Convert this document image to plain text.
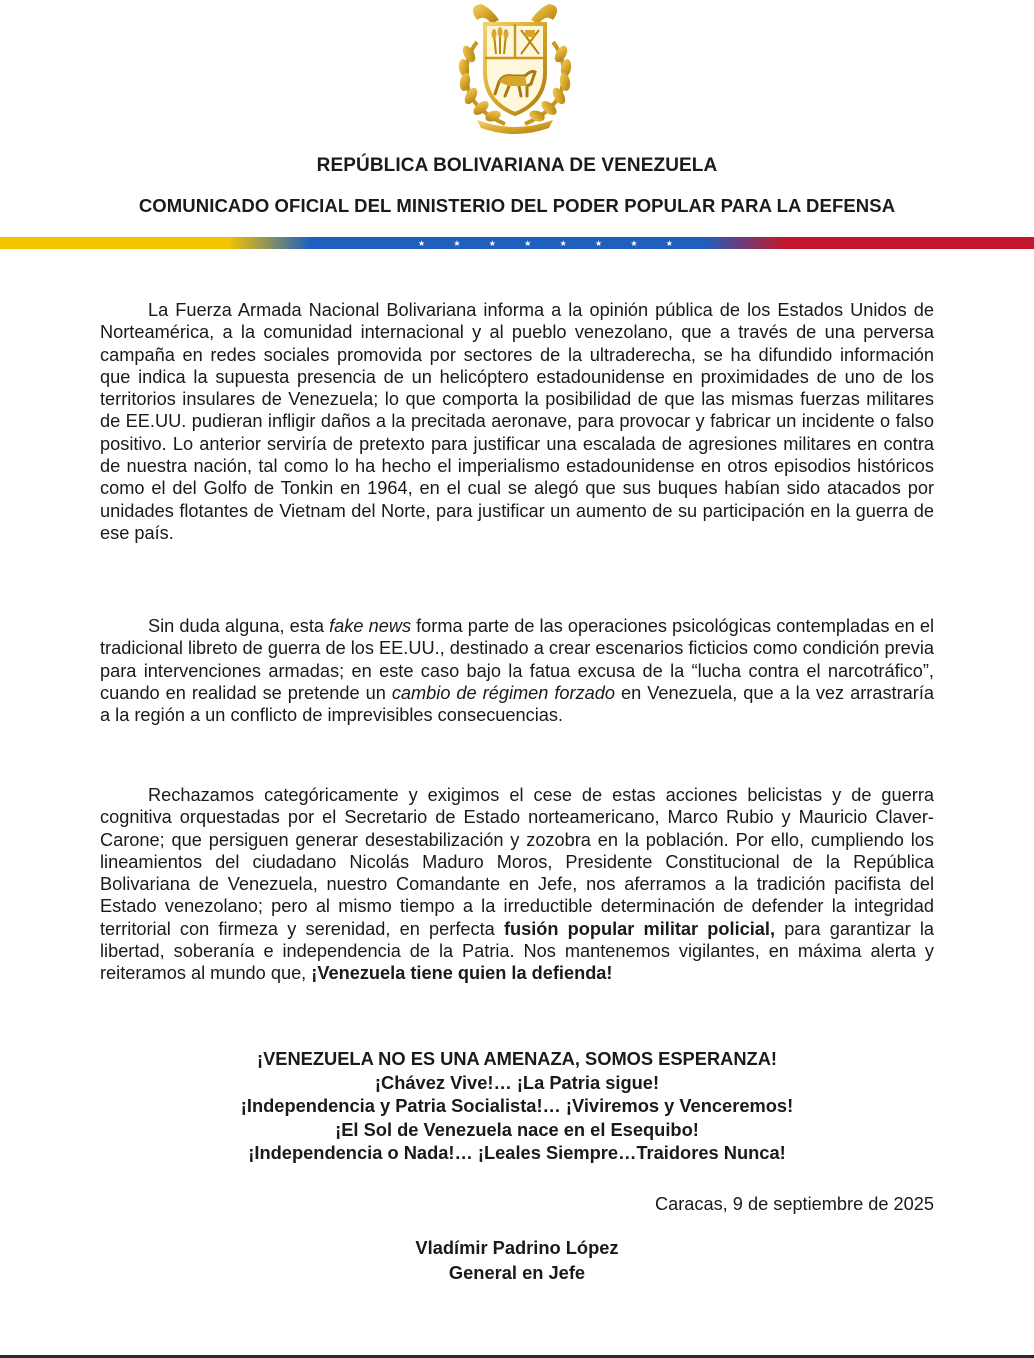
REPÚBLICA BOLIVARIANA DE VENEZUELA
COMUNICADO OFICIAL DEL MINISTERIO DEL PODER POPULAR PARA LA DEFENSA
★ ★ ★ ★ ★ ★ ★ ★
La Fuerza Armada Nacional Bolivariana informa a la opinión pública de los Estados Unidos de Norteamérica, a la comunidad internacional y al pueblo venezolano, que a través de una perversa campaña en redes sociales promovida por sectores de la ultraderecha, se ha difundido información que indica la supuesta presencia de un helicóptero estadounidense en proximidades de uno de los territorios insulares de Venezuela; lo que comporta la posibilidad de que las mismas fuerzas militares de EE.UU. pudieran infligir daños a la precitada aeronave, para provocar y fabricar un incidente o falso positivo. Lo anterior serviría de pretexto para justificar una escalada de agresiones militares en contra de nuestra nación, tal como lo ha hecho el imperialismo estadounidense en otros episodios históricos como el del Golfo de Tonkin en 1964, en el cual se alegó que sus buques habían sido atacados por unidades flotantes de Vietnam del Norte, para justificar un aumento de su participación en la guerra de ese país.
Sin duda alguna, esta fake news forma parte de las operaciones psicológicas contempladas en el tradicional libreto de guerra de los EE.UU., destinado a crear escenarios ficticios como condición previa para intervenciones armadas; en este caso bajo la fatua excusa de la “lucha contra el narcotráfico”, cuando en realidad se pretende un cambio de régimen forzado en Venezuela, que a la vez arrastraría a la región a un conflicto de imprevisibles consecuencias.
Rechazamos categóricamente y exigimos el cese de estas acciones belicistas y de guerra cognitiva orquestadas por el Secretario de Estado norteamericano, Marco Rubio y Mauricio Claver-Carone; que persiguen generar desestabilización y zozobra en la población. Por ello, cumpliendo los lineamientos del ciudadano Nicolás Maduro Moros, Presidente Constitucional de la República Bolivariana de Venezuela, nuestro Comandante en Jefe, nos aferramos a la tradición pacifista del Estado venezolano; pero al mismo tiempo a la irreductible determinación de defender la integridad territorial con firmeza y serenidad, en perfecta fusión popular militar policial, para garantizar la libertad, soberanía e independencia de la Patria. Nos mantenemos vigilantes, en máxima alerta y reiteramos al mundo que, ¡Venezuela tiene quien la defienda!
¡VENEZUELA NO ES UNA AMENAZA, SOMOS ESPERANZA!
¡Chávez Vive!… ¡La Patria sigue!
¡Independencia y Patria Socialista!… ¡Viviremos y Venceremos!
¡El Sol de Venezuela nace en el Esequibo!
¡Independencia o Nada!… ¡Leales Siempre…Traidores Nunca!
Caracas, 9 de septiembre de 2025
Vladímir Padrino López
General en Jefe
